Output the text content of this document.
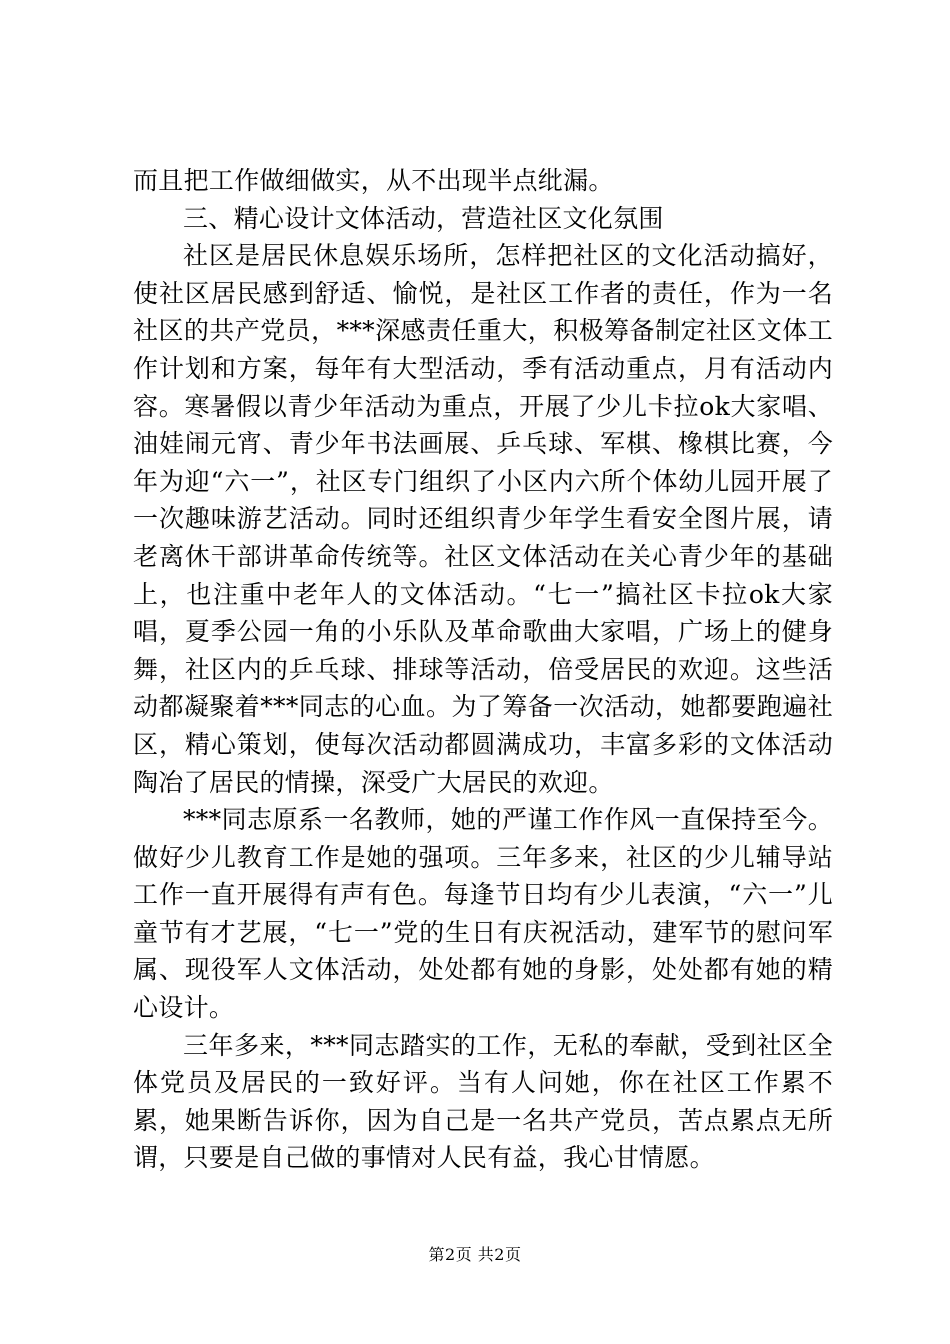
而且把工作做细做实，从不出现半点纰漏。

三、精心设计文体活动，营造社区文化氛围

社区是居民休息娱乐场所，怎样把社区的文化活动搞好，使社区居民感到舒适、愉悦，是社区工作者的责任，作为一名社区的共产党员，***深感责任重大，积极筹备制定社区文体工作计划和方案，每年有大型活动，季有活动重点，月有活动内容。寒暑假以青少年活动为重点，开展了少儿卡拉ok大家唱、油娃闹元宵、青少年书法画展、乒乓球、军棋、橡棋比赛，今年为迎“六一”，社区专门组织了小区内六所个体幼儿园开展了一次趣味游艺活动。同时还组织青少年学生看安全图片展，请老离休干部讲革命传统等。社区文体活动在关心青少年的基础上，也注重中老年人的文体活动。“七一”搞社区卡拉ok大家唱，夏季公园一角的小乐队及革命歌曲大家唱，广场上的健身舞，社区内的乒乓球、排球等活动，倍受居民的欢迎。这些活动都凝聚着***同志的心血。为了筹备一次活动，她都要跑遍社区，精心策划，使每次活动都圆满成功，丰富多彩的文体活动陶冶了居民的情操，深受广大居民的欢迎。

***同志原系一名教师，她的严谨工作作风一直保持至今。做好少儿教育工作是她的强项。三年多来，社区的少儿辅导站工作一直开展得有声有色。每逢节日均有少儿表演，“六一”儿童节有才艺展，“七一”党的生日有庆祝活动，建军节的慰问军属、现役军人文体活动，处处都有她的身影，处处都有她的精心设计。

三年多来，***同志踏实的工作，无私的奉献，受到社区全体党员及居民的一致好评。当有人问她，你在社区工作累不累，她果断告诉你，因为自己是一名共产党员，苦点累点无所谓，只要是自己做的事情对人民有益，我心甘情愿。

第2页 共2页
